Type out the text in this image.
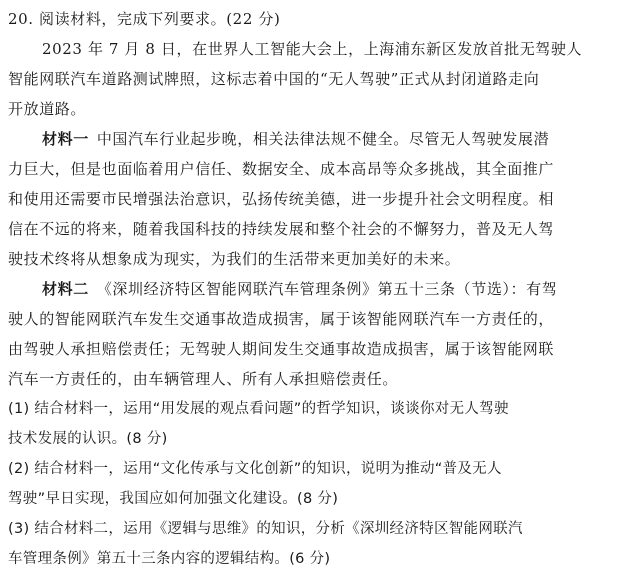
20. 阅读材料，完成下列要求。(22 分)
2023 年 7 月 8 日，在世界人工智能大会上，上海浦东新区发放首批无驾驶人
智能网联汽车道路测试牌照，这标志着中国的“无人驾驶”正式从封闭道路走向
开放道路。
材料一 中国汽车行业起步晚，相关法律法规不健全。尽管无人驾驶发展潜
力巨大，但是也面临着用户信任、数据安全、成本高昂等众多挑战，其全面推广
和使用还需要市民增强法治意识，弘扬传统美德，进一步提升社会文明程度。相
信在不远的将来，随着我国科技的持续发展和整个社会的不懈努力，普及无人驾
驶技术终将从想象成为现实，为我们的生活带来更加美好的未来。
材料二 《深圳经济特区智能网联汽车管理条例》第五十三条（节选）：有驾
驶人的智能网联汽车发生交通事故造成损害，属于该智能网联汽车一方责任的，
由驾驶人承担赔偿责任；无驾驶人期间发生交通事故造成损害，属于该智能网联
汽车一方责任的，由车辆管理人、所有人承担赔偿责任。
(1) 结合材料一，运用“用发展的观点看问题”的哲学知识，谈谈你对无人驾驶
技术发展的认识。(8 分)
(2) 结合材料一，运用“文化传承与文化创新”的知识，说明为推动“普及无人
驾驶”早日实现，我国应如何加强文化建设。(8 分)
(3) 结合材料二，运用《逻辑与思维》的知识，分析《深圳经济特区智能网联汽
车管理条例》第五十三条内容的逻辑结构。(6 分)
